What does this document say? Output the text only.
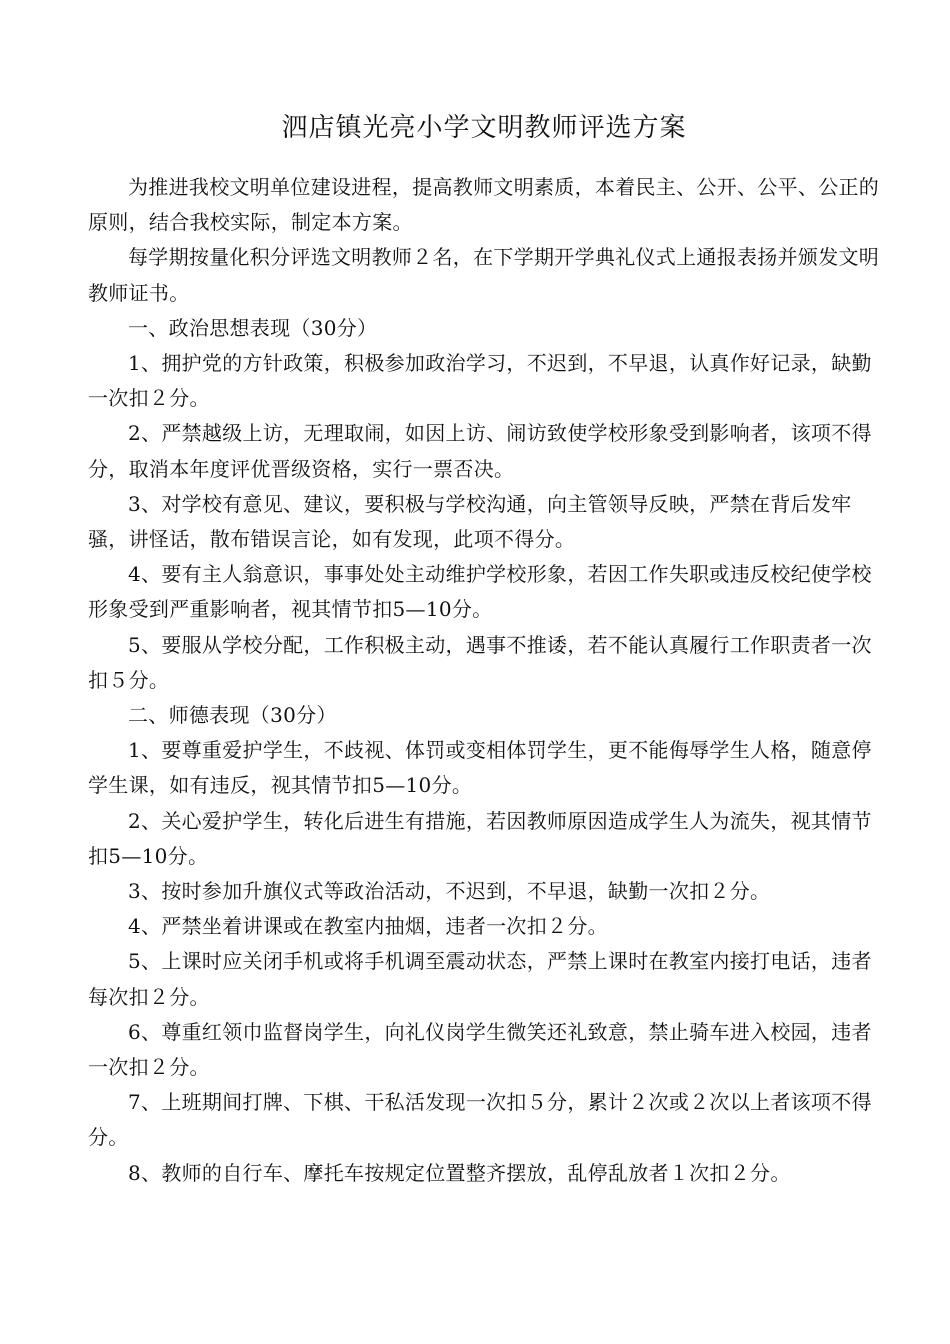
泗店镇光亮小学文明教师评选方案

为推进我校文明单位建设进程，提高教师文明素质，本着民主、公开、公平、公正的原则，结合我校实际，制定本方案。

每学期按量化积分评选文明教师２名，在下学期开学典礼仪式上通报表扬并颁发文明教师证书。

一、政治思想表现（30分）

1、拥护党的方针政策，积极参加政治学习，不迟到，不早退，认真作好记录，缺勤一次扣２分。

2、严禁越级上访，无理取闹，如因上访、闹访致使学校形象受到影响者，该项不得分，取消本年度评优晋级资格，实行一票否决。

3、对学校有意见、建议，要积极与学校沟通，向主管领导反映，严禁在背后发牢骚，讲怪话，散布错误言论，如有发现，此项不得分。

4、要有主人翁意识，事事处处主动维护学校形象，若因工作失职或违反校纪使学校形象受到严重影响者，视其情节扣5—10分。

5、要服从学校分配，工作积极主动，遇事不推诿，若不能认真履行工作职责者一次扣５分。

二、师德表现（30分）

1、要尊重爱护学生，不歧视、体罚或变相体罚学生，更不能侮辱学生人格，随意停学生课，如有违反，视其情节扣5—10分。

2、关心爱护学生，转化后进生有措施，若因教师原因造成学生人为流失，视其情节扣5—10分。

3、按时参加升旗仪式等政治活动，不迟到，不早退，缺勤一次扣２分。

4、严禁坐着讲课或在教室内抽烟，违者一次扣２分。

5、上课时应关闭手机或将手机调至震动状态，严禁上课时在教室内接打电话，违者每次扣２分。

6、尊重红领巾监督岗学生，向礼仪岗学生微笑还礼致意，禁止骑车进入校园，违者一次扣２分。

7、上班期间打牌、下棋、干私活发现一次扣５分，累计２次或２次以上者该项不得分。

8、教师的自行车、摩托车按规定位置整齐摆放，乱停乱放者１次扣２分。
